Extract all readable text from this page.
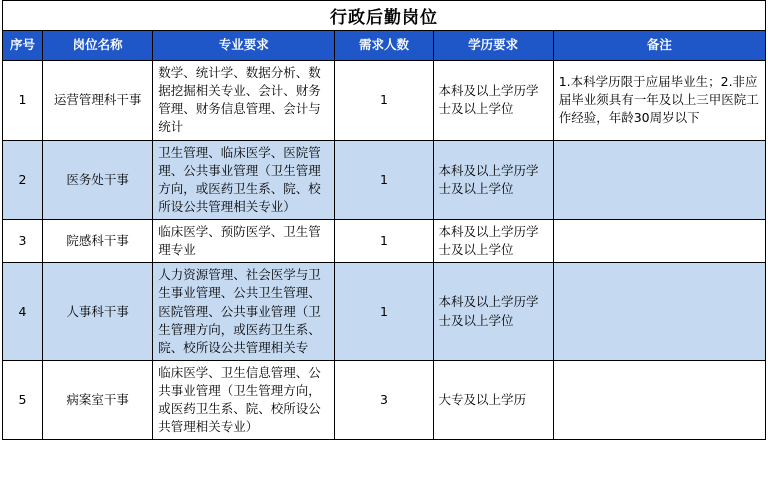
行政后勤岗位
序号	岗位名称	专业要求	需求人数	学历要求	备注
1	运营管理科干事	数学、统计学、数据分析、数据挖掘相关专业、会计、财务管理、财务信息管理、会计与统计	1	本科及以上学历学士及以上学位	1.本科学历限于应届毕业生；2.非应届毕业须具有一年及以上三甲医院工作经验，年龄30周岁以下
2	医务处干事	卫生管理、临床医学、医院管理、公共事业管理（卫生管理方向，或医药卫生系、院、校所设公共管理相关专业）	1	本科及以上学历学士及以上学位	
3	院感科干事	临床医学、预防医学、卫生管理专业	1	本科及以上学历学士及以上学位	
4	人事科干事	人力资源管理、社会医学与卫生事业管理、公共卫生管理、医院管理、公共事业管理（卫生管理方向，或医药卫生系、院、校所设公共管理相关专	1	本科及以上学历学士及以上学位	
5	病案室干事	临床医学、卫生信息管理、公共事业管理（卫生管理方向，或医药卫生系、院、校所设公共管理相关专业）	3	大专及以上学历	
